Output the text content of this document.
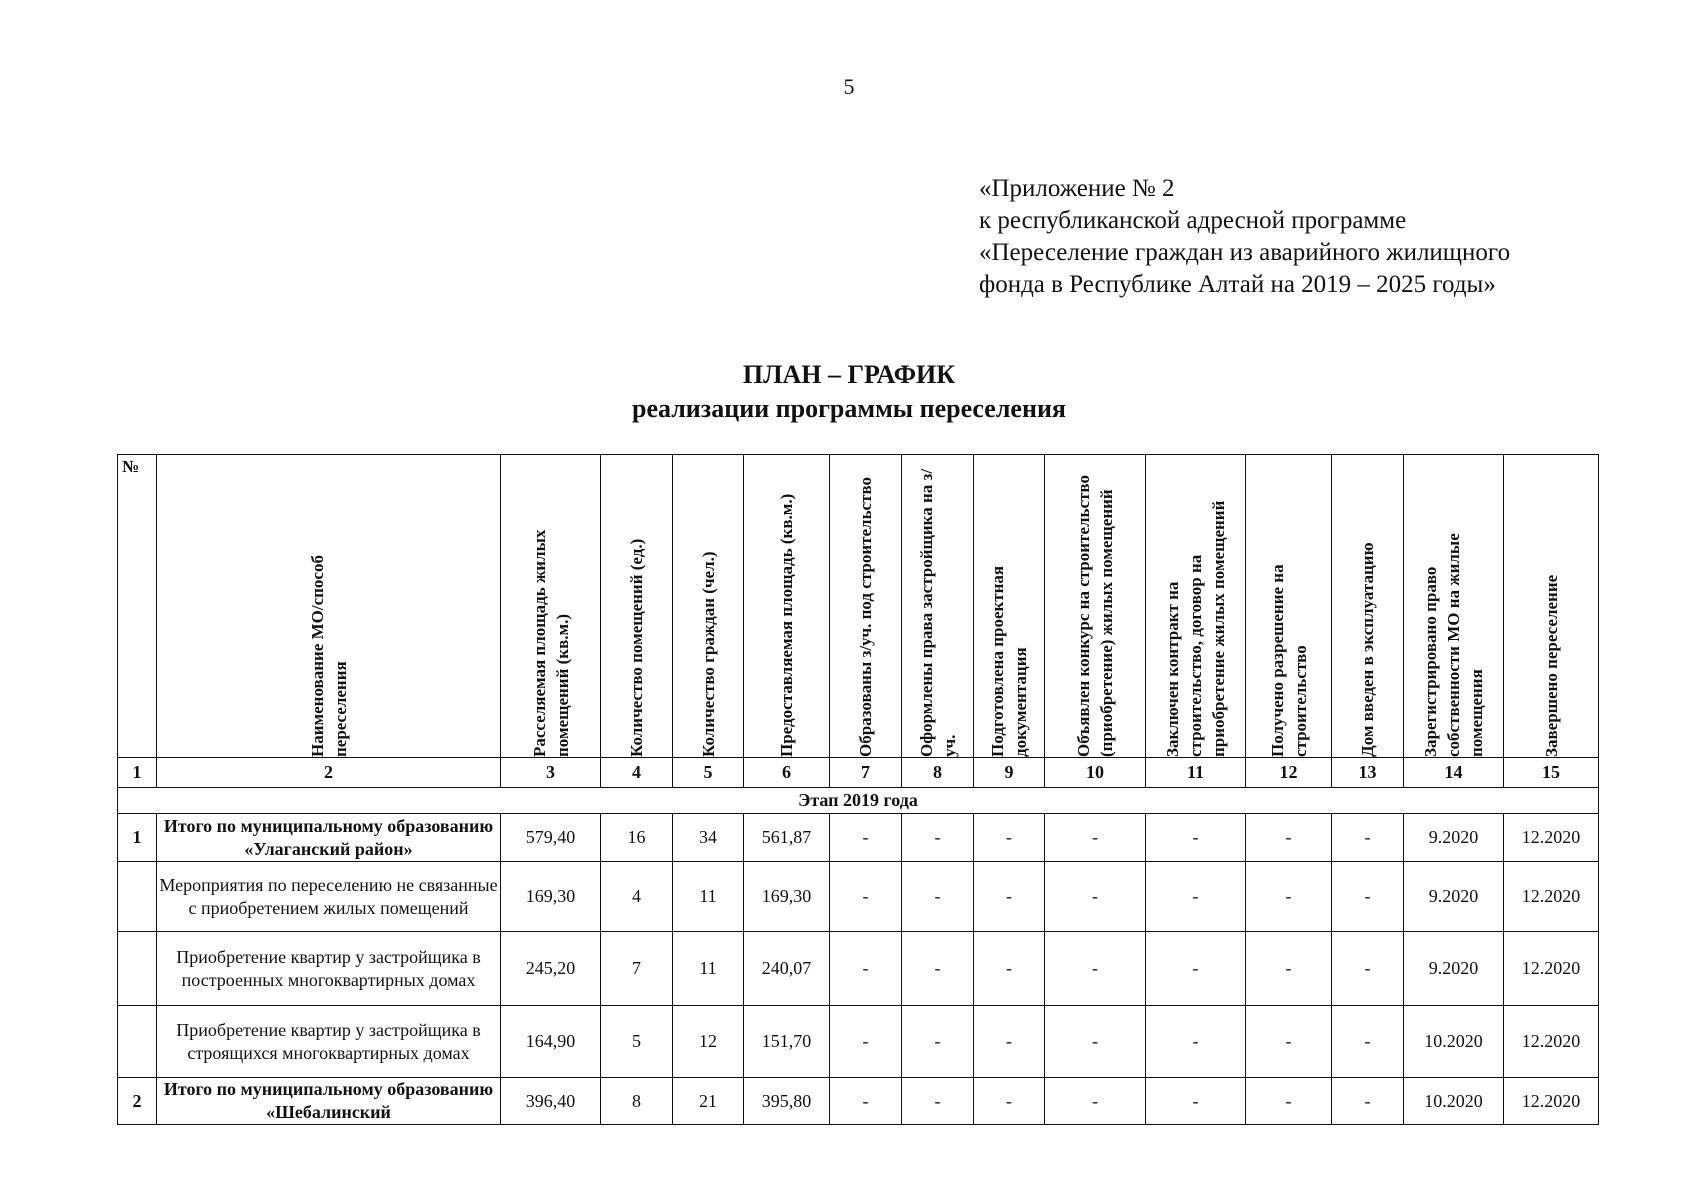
5
«Приложение № 2
к республиканской адресной программе
«Переселение граждан из аварийного жилищного
фонда в Республике Алтай на 2019 – 2025 годы»
ПЛАН – ГРАФИК
реализации программы переселения
№	Наименование МО/способ переселения	Расселяемая площадь жилых помещений (кв.м.)	Количество помещений (ед.)	Количество граждан (чел.)	Предоставляемая площадь (кв.м.)	Образованы з/уч. под строительство	Оформлены права застройщика на з/уч.	Подготовлена проектная документация	Объявлен конкурс на строительство (приобретение) жилых помещений	Заключен контракт на строительство, договор на приобретение жилых помещений	Получено разрешение на строительство	Дом введен в эксплуатацию	Зарегистрировано право собственности МО на жилые помещения	Завершено переселение

1	2	3	4	5	6	7	8	9	10	11	12	13	14	15
Этап 2019 года														
1	Итого по муниципальному образованию «Улаганский район»	579,40	16	34	561,87	-	-	-	-	-	-	-	9.2020	12.2020
	Мероприятия по переселению не связанные с приобретением жилых помещений	169,30	4	11	169,30	-	-	-	-	-	-	-	9.2020	12.2020
	Приобретение квартир у застройщика в построенных многоквартирных домах	245,20	7	11	240,07	-	-	-	-	-	-	-	9.2020	12.2020
	Приобретение квартир у застройщика в строящихся многоквартирных домах	164,90	5	12	151,70	-	-	-	-	-	-	-	10.2020	12.2020
2	Итого по муниципальному образованию «Шебалинский	396,40	8	21	395,80	-	-	-	-	-	-	-	10.2020	12.2020
